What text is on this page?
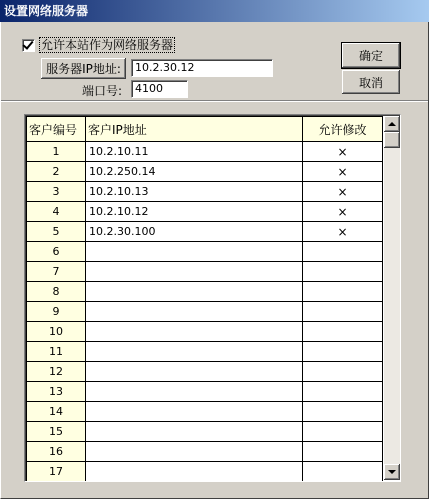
设置网络服务器
允许本站作为网络服务器
服务器IP地址:	10.2.30.12
端口号:	4100
确定
取消
客户编号	客户IP地址	允许修改
1	10.2.10.11	×
2	10.2.250.14	×
3	10.2.10.13	×
4	10.2.10.12	×
5	10.2.30.100	×
6		
7		
8		
9		
10		
11		
12		
13		
14		
15		
16		
17		
